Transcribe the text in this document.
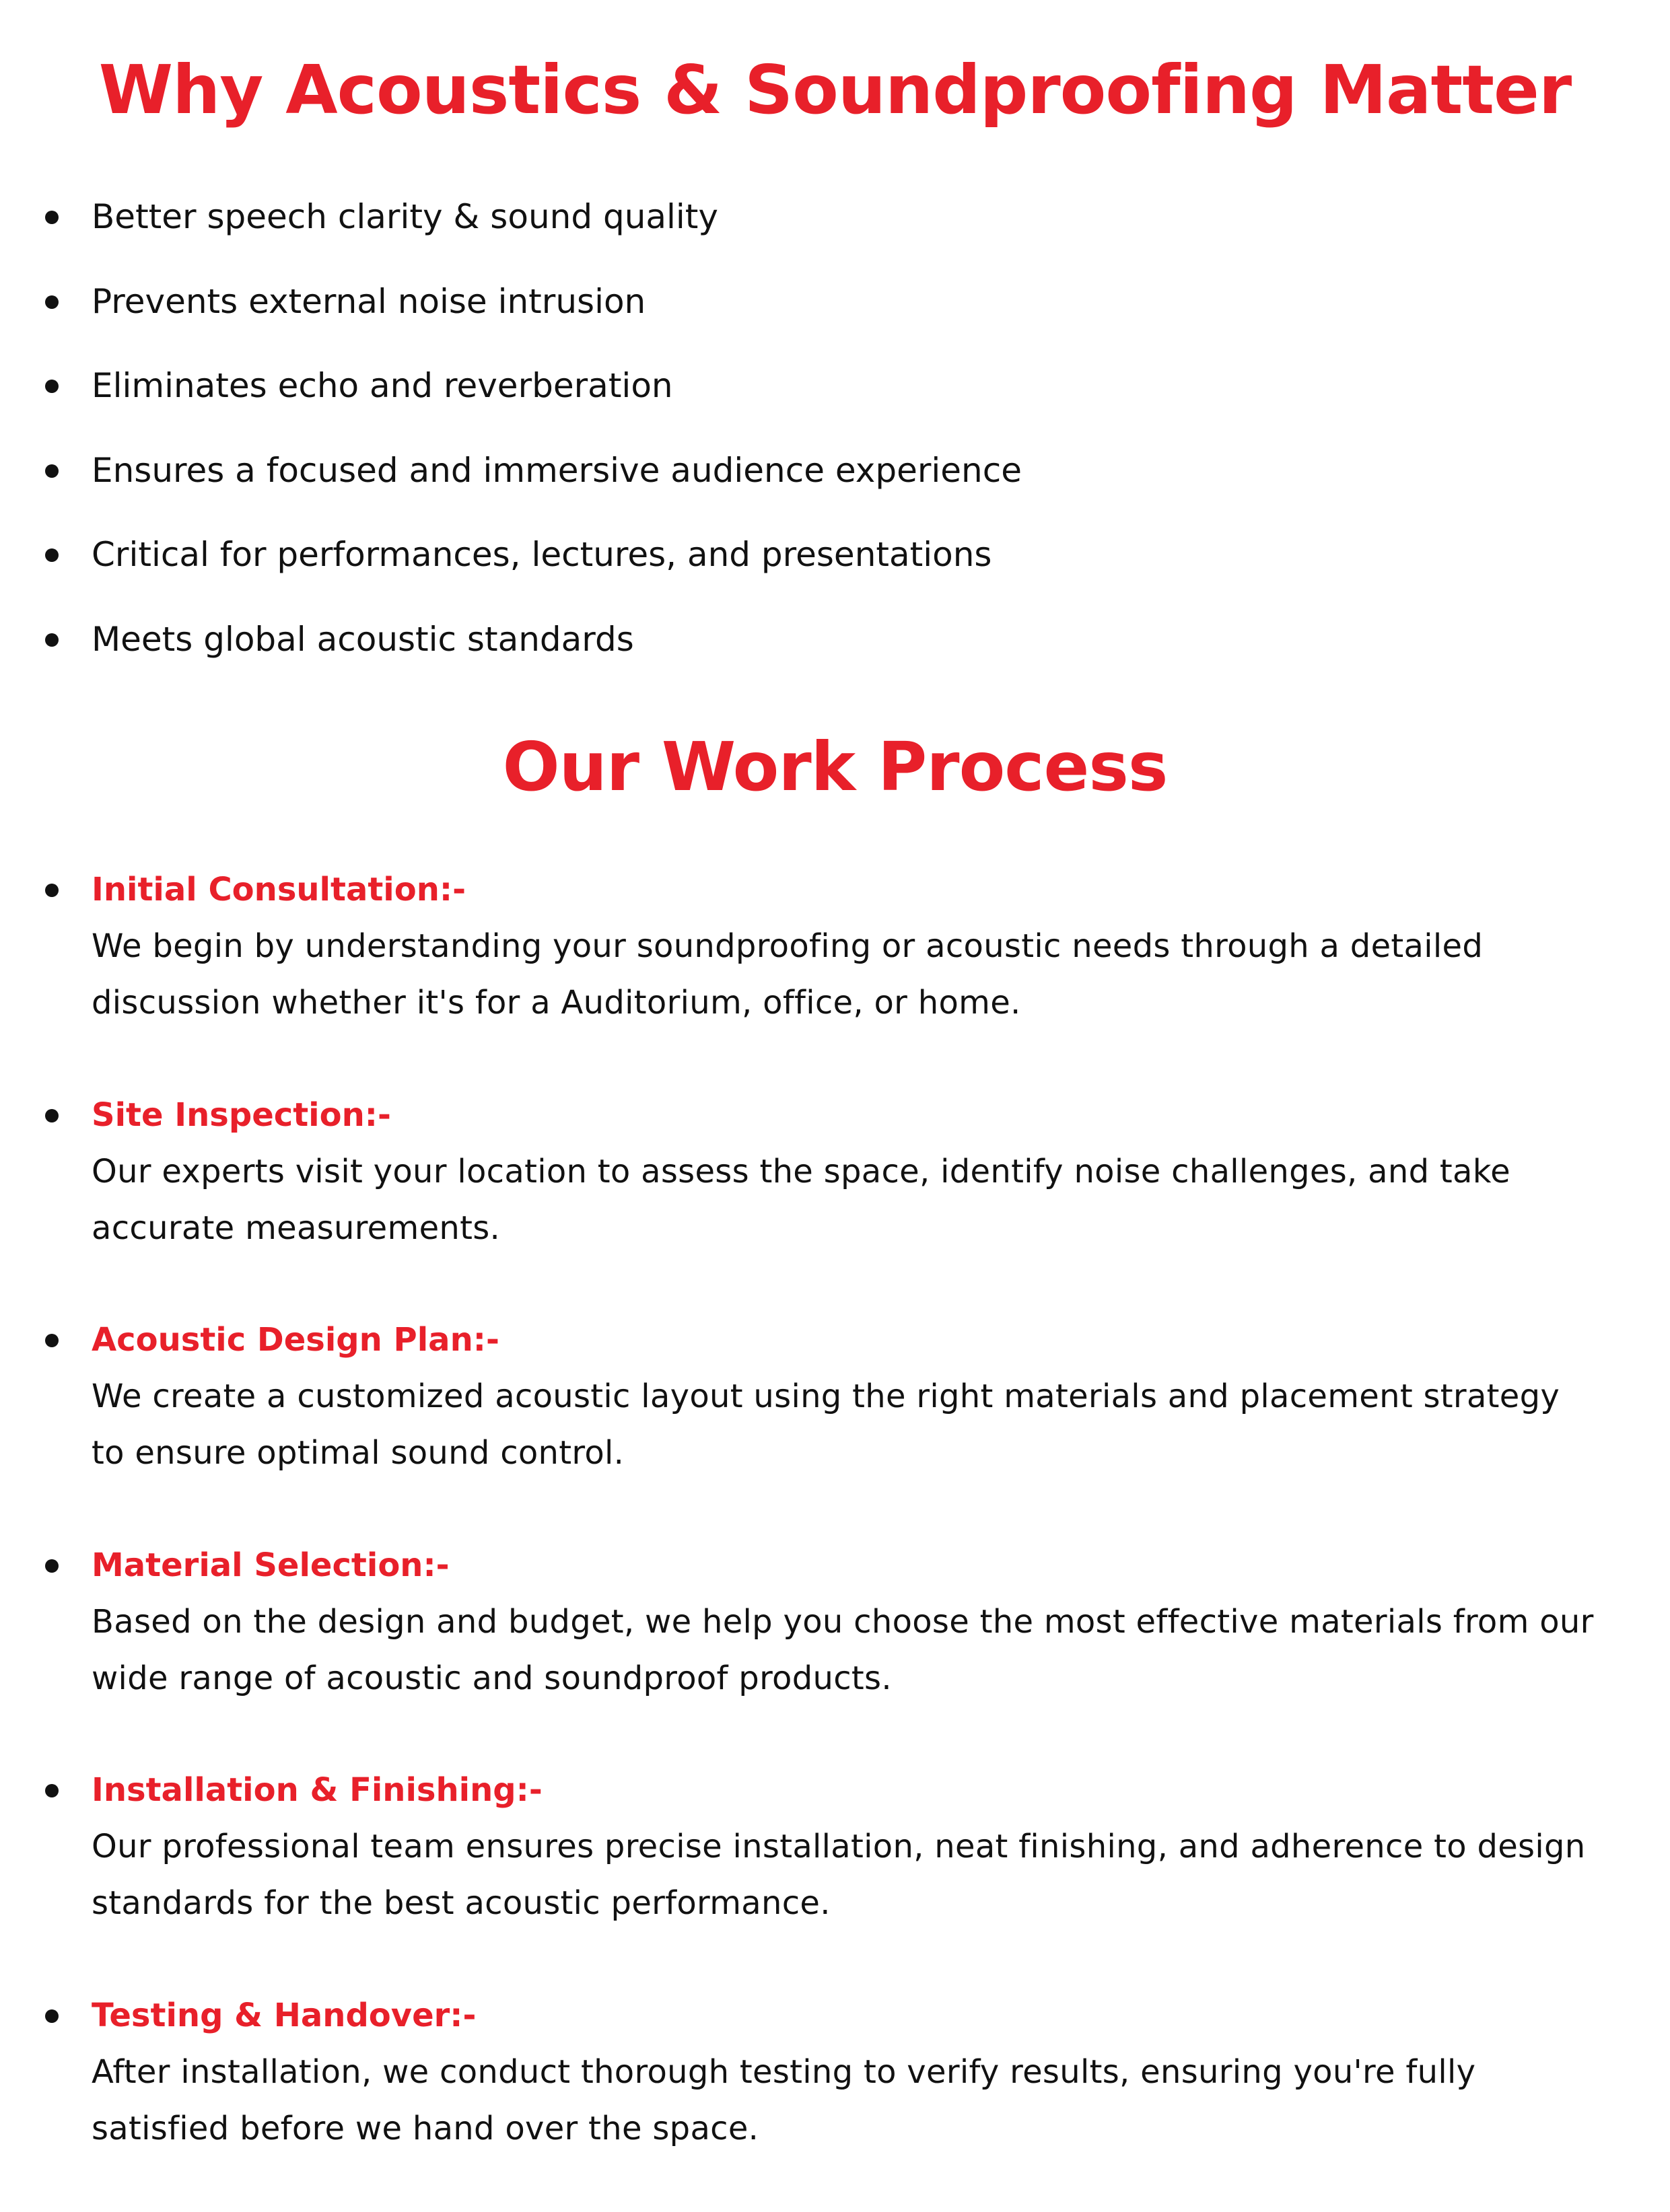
Why Acoustics & Soundproofing Matter
Better speech clarity & sound quality
Prevents external noise intrusion
Eliminates echo and reverberation
Ensures a focused and immersive audience experience
Critical for performances, lectures, and presentations
Meets global acoustic standards
Our Work Process
Initial Consultation:-
We begin by understanding your soundproofing or acoustic needs through a detailed discussion whether it's for a Auditorium, office, or home.
Site Inspection:-
Our experts visit your location to assess the space, identify noise challenges, and take accurate measurements.
Acoustic Design Plan:-
We create a customized acoustic layout using the right materials and placement strategy to ensure optimal sound control.
Material Selection:-
Based on the design and budget, we help you choose the most effective materials from our wide range of acoustic and soundproof products.
Installation & Finishing:-
Our professional team ensures precise installation, neat finishing, and adherence to design standards for the best acoustic performance.
Testing & Handover:-
After installation, we conduct thorough testing to verify results, ensuring you're fully satisfied before we hand over the space.
